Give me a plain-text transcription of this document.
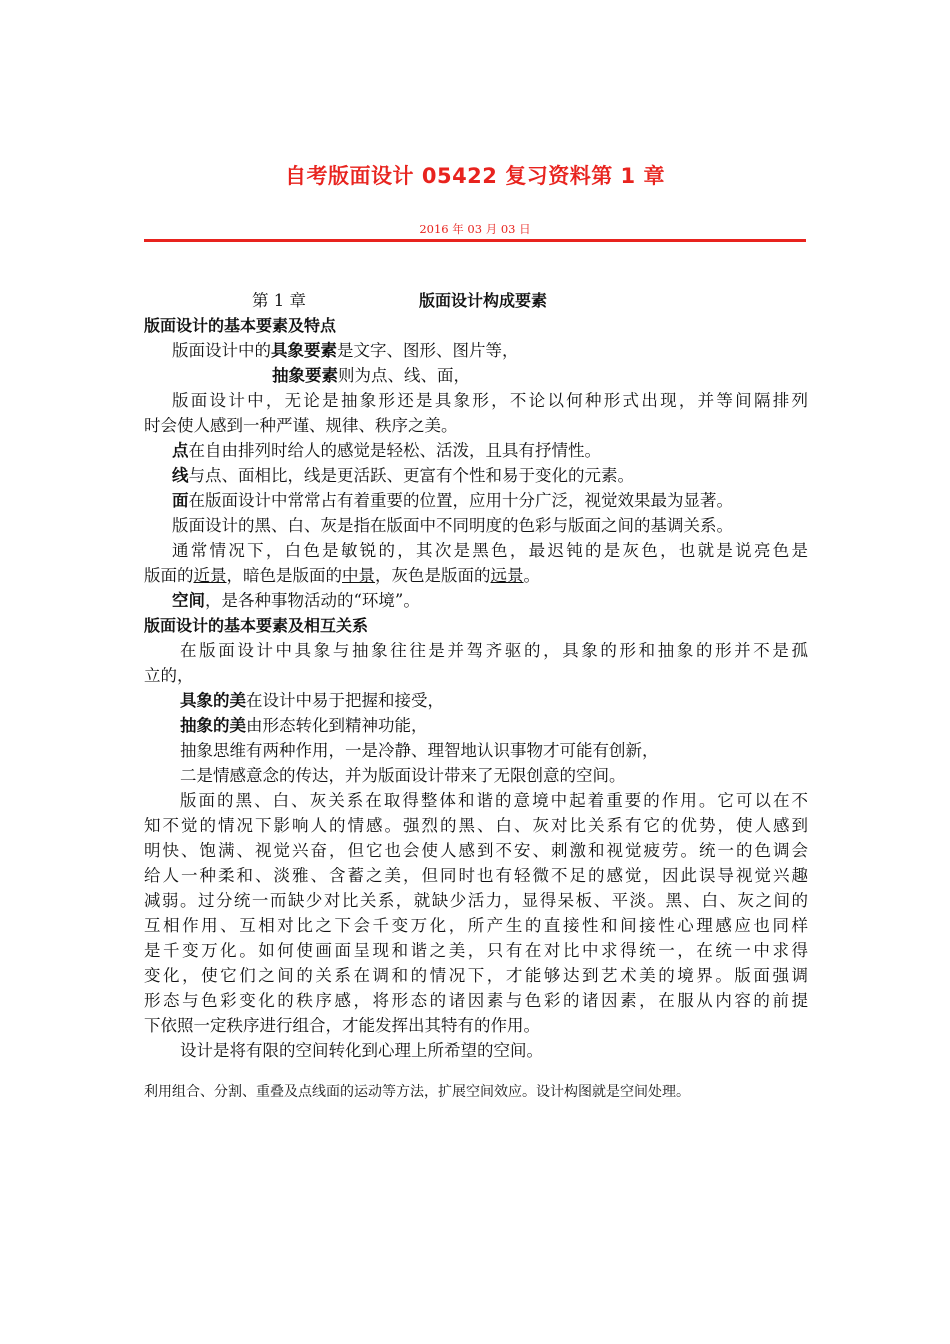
自考版面设计 05422 复习资料第 1 章
2016 年 03 月 03 日
第 1 章	版面设计构成要素
版面设计的基本要素及特点
版面设计中的具象要素是文字、图形、图片等，
抽象要素则为点、线、面，
版面设计中，无论是抽象形还是具象形，不论以何种形式出现，并等间隔排列
时会使人感到一种严谨、规律、秩序之美。
点在自由排列时给人的感觉是轻松、活泼，且具有抒情性。
线与点、面相比，线是更活跃、更富有个性和易于变化的元素。
面在版面设计中常常占有着重要的位置，应用十分广泛，视觉效果最为显著。
版面设计的黑、白、灰是指在版面中不同明度的色彩与版面之间的基调关系。
通常情况下，白色是敏锐的，其次是黑色，最迟钝的是灰色，也就是说亮色是
版面的近景，暗色是版面的中景，灰色是版面的远景。
空间，是各种事物活动的“环境”。
版面设计的基本要素及相互关系
在版面设计中具象与抽象往往是并驾齐驱的，具象的形和抽象的形并不是孤
立的，
具象的美在设计中易于把握和接受，
抽象的美由形态转化到精神功能，
抽象思维有两种作用，一是冷静、理智地认识事物才可能有创新，
二是情感意念的传达，并为版面设计带来了无限创意的空间。
版面的黑、白、灰关系在取得整体和谐的意境中起着重要的作用。它可以在不
知不觉的情况下影响人的情感。强烈的黑、白、灰对比关系有它的优势，使人感到
明快、饱满、视觉兴奋，但它也会使人感到不安、刺激和视觉疲劳。统一的色调会
给人一种柔和、淡雅、含蓄之美，但同时也有轻微不足的感觉，因此误导视觉兴趣
减弱。过分统一而缺少对比关系，就缺少活力，显得呆板、平淡。黑、白、灰之间的
互相作用、互相对比之下会千变万化，所产生的直接性和间接性心理感应也同样
是千变万化。如何使画面呈现和谐之美，只有在对比中求得统一，在统一中求得
变化，使它们之间的关系在调和的情况下，才能够达到艺术美的境界。版面强调
形态与色彩变化的秩序感，将形态的诸因素与色彩的诸因素，在服从内容的前提
下依照一定秩序进行组合，才能发挥出其特有的作用。
设计是将有限的空间转化到心理上所希望的空间。
利用组合、分割、重叠及点线面的运动等方法，扩展空间效应。设计构图就是空间处理。
